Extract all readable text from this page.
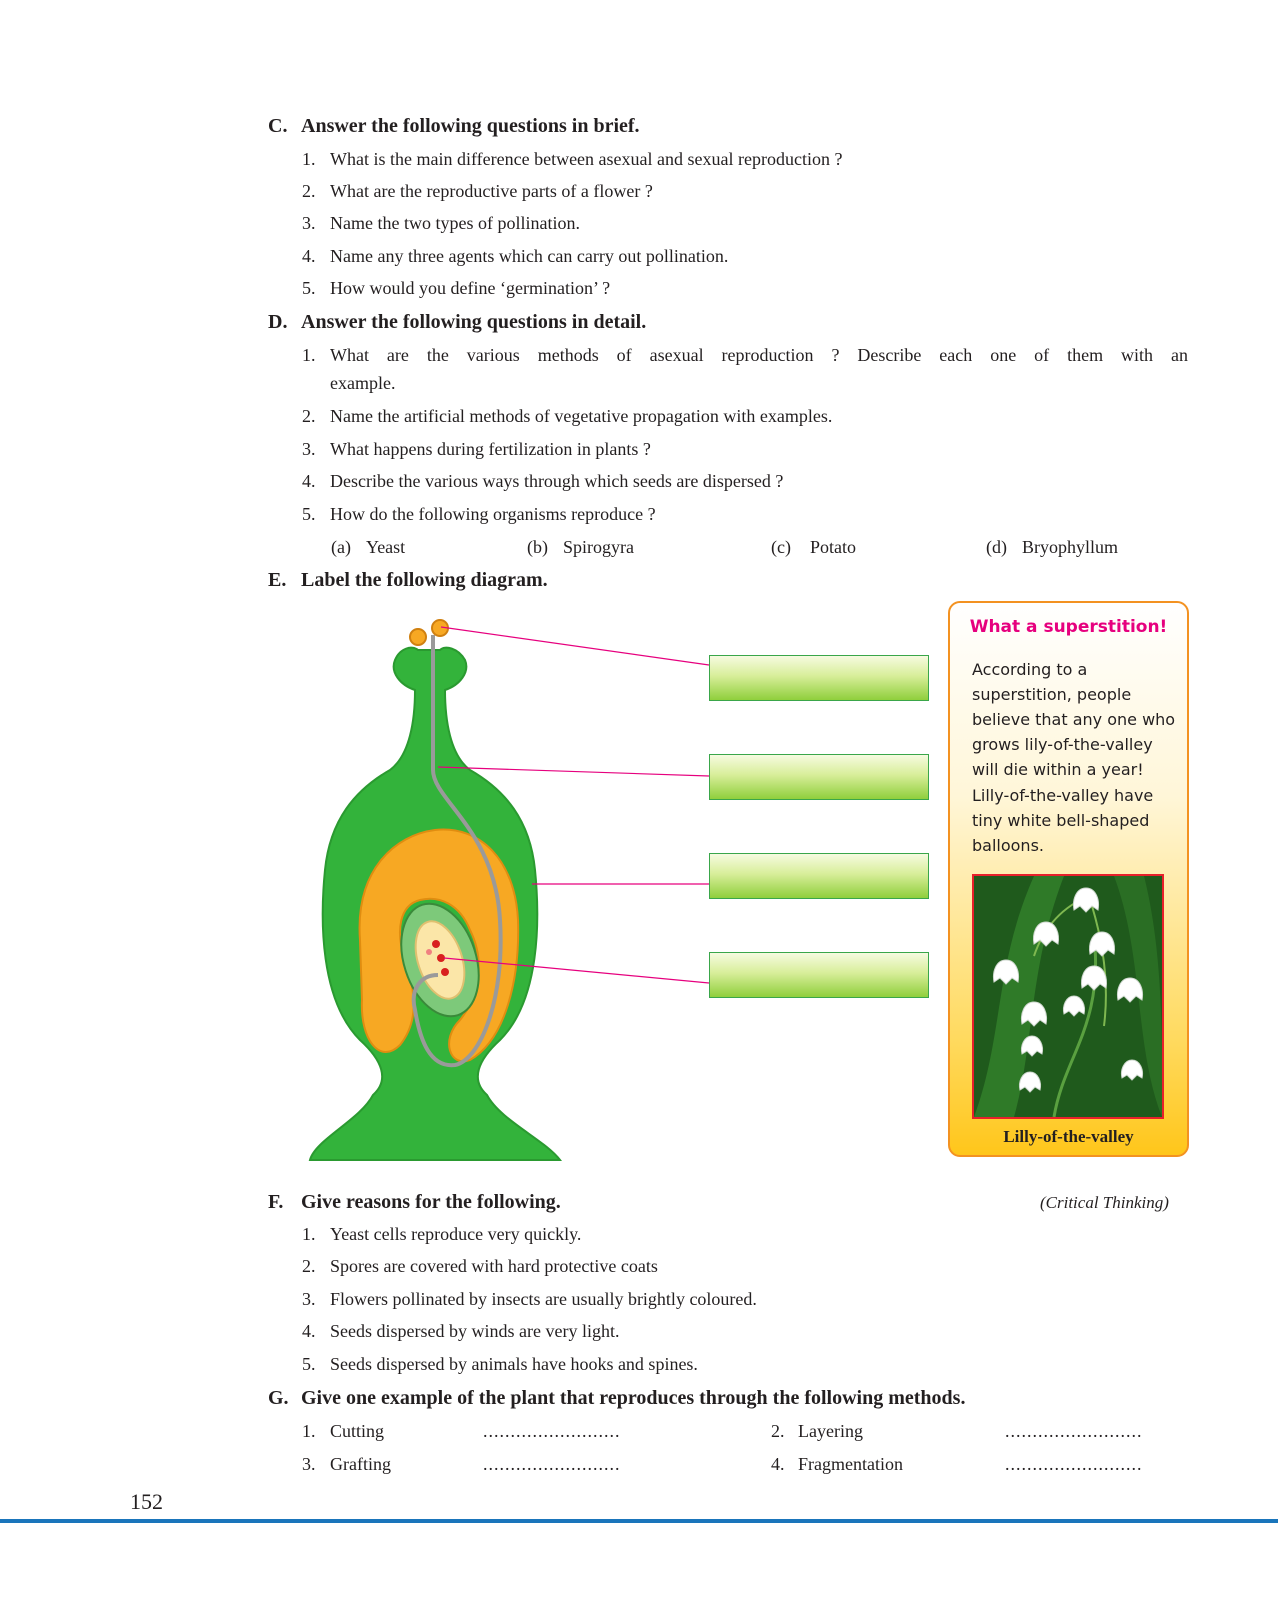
C. Answer the following questions in brief.
1. What is the main difference between asexual and sexual reproduction ?
2. What are the reproductive parts of a flower ?
3. Name the two types of pollination.
4. Name any three agents which can carry out pollination.
5. How would you define ‘germination’ ?
D. Answer the following questions in detail.
1. What are the various methods of asexual reproduction ? Describe each one of them with an
example.
2. Name the artificial methods of vegetative propagation with examples.
3. What happens during fertilization in plants ?
4. Describe the various ways through which seeds are dispersed ?
5. How do the following organisms reproduce ?
(a) Yeast	(b) Spirogyra	(c) Potato	(d) Bryophyllum
E. Label the following diagram.
What a superstition!
According to a superstition, people believe that any one who grows lily-of-the-valley will die within a year!
Lilly-of-the-valley have tiny white bell-shaped balloons.
Lilly-of-the-valley
F. Give reasons for the following.	(Critical Thinking)
1. Yeast cells reproduce very quickly.
2. Spores are covered with hard protective coats
3. Flowers pollinated by insects are usually brightly coloured.
4. Seeds dispersed by winds are very light.
5. Seeds dispersed by animals have hooks and spines.
G. Give one example of the plant that reproduces through the following methods.
1. Cutting	.........................	2. Layering	.........................
3. Grafting	.........................	4. Fragmentation	.........................
152
